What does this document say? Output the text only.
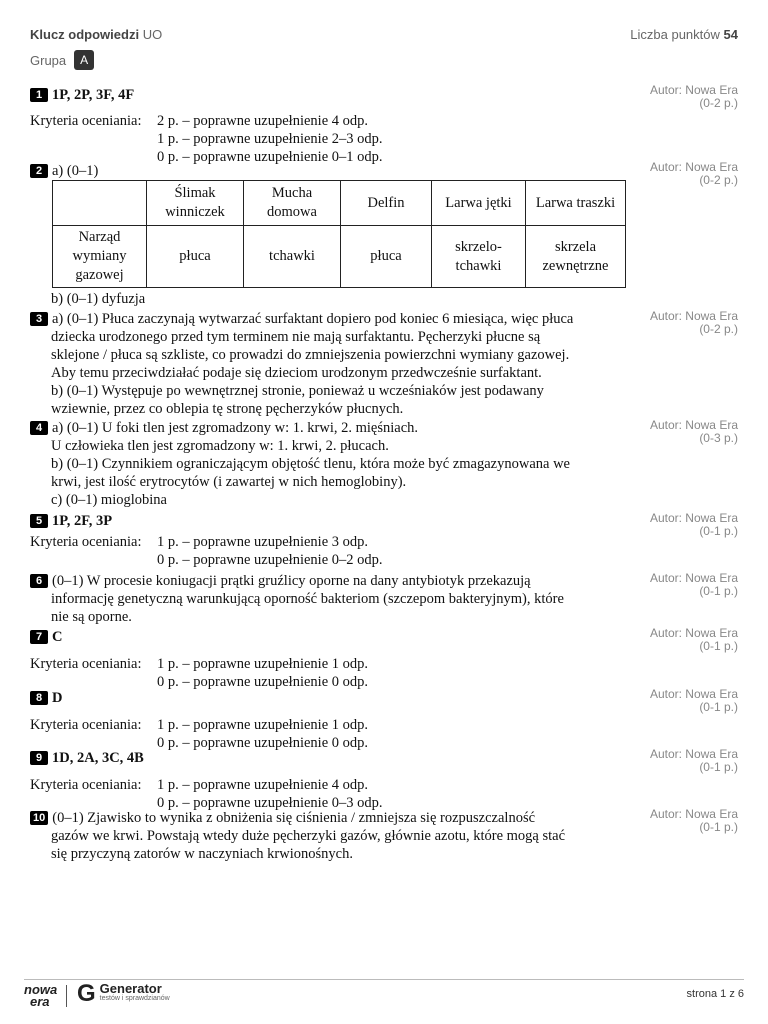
Klucz odpowiedzi UO	Liczba punktów 54
Grupa	A
Autor: Nowa Era
(0-2 p.)
1 1P, 2P, 3F, 4F
Kryteria oceniania:	2 p. – poprawne uzupełnienie 4 odp.
1 p. – poprawne uzupełnienie 2–3 odp.
0 p. – poprawne uzupełnienie 0–1 odp.
Autor: Nowa Era
(0-2 p.)
2 a) (0–1)
	Ślimak winniczek	Mucha domowa	Delfin	Larwa jętki	Larwa traszki
Narząd wymiany gazowej	płuca	tchawki	płuca	skrzelo-tchawki	skrzela zewnętrzne
b) (0–1) dyfuzja
Autor: Nowa Era
(0-2 p.)
3 a) (0–1) Płuca zaczynają wytwarzać surfaktant dopiero pod koniec 6 miesiąca, więc płuca
dziecka urodzonego przed tym terminem nie mają surfaktantu. Pęcherzyki płucne są
sklejone / płuca są szkliste, co prowadzi do zmniejszenia powierzchni wymiany gazowej.
Aby temu przeciwdziałać podaje się dzieciom urodzonym przedwcześnie surfaktant.
b) (0–1) Występuje po wewnętrznej stronie, ponieważ u wcześniaków jest podawany
wziewnie, przez co oblepia tę stronę pęcherzyków płucnych.
Autor: Nowa Era
(0-3 p.)
4 a) (0–1) U foki tlen jest zgromadzony w: 1. krwi, 2. mięśniach.
U człowieka tlen jest zgromadzony w: 1. krwi, 2. płucach.
b) (0–1) Czynnikiem ograniczającym objętość tlenu, która może być zmagazynowana we
krwi, jest ilość erytrocytów (i zawartej w nich hemoglobiny).
c) (0–1) mioglobina
Autor: Nowa Era
(0-1 p.)
5 1P, 2F, 3P
Kryteria oceniania:	1 p. – poprawne uzupełnienie 3 odp.
0 p. – poprawne uzupełnienie 0–2 odp.
Autor: Nowa Era
(0-1 p.)
6 (0–1) W procesie koniugacji prątki gruźlicy oporne na dany antybiotyk przekazują
informację genetyczną warunkującą oporność bakteriom (szczepom bakteryjnym), które
nie są oporne.
Autor: Nowa Era
(0-1 p.)
7 C
Kryteria oceniania:	1 p. – poprawne uzupełnienie 1 odp.
0 p. – poprawne uzupełnienie 0 odp.
Autor: Nowa Era
(0-1 p.)
8 D
Kryteria oceniania:	1 p. – poprawne uzupełnienie 1 odp.
0 p. – poprawne uzupełnienie 0 odp.
Autor: Nowa Era
(0-1 p.)
9 1D, 2A, 3C, 4B
Kryteria oceniania:	1 p. – poprawne uzupełnienie 4 odp.
0 p. – poprawne uzupełnienie 0–3 odp.
Autor: Nowa Era
(0-1 p.)
10 (0–1) Zjawisko to wynika z obniżenia się ciśnienia / zmniejsza się rozpuszczalność
gazów we krwi. Powstają wtedy duże pęcherzyki gazów, głównie azotu, które mogą stać
się przyczyną zatorów w naczyniach krwionośnych.
nowa
era	G Generator
testów i sprawdzianów	strona 1 z 6
